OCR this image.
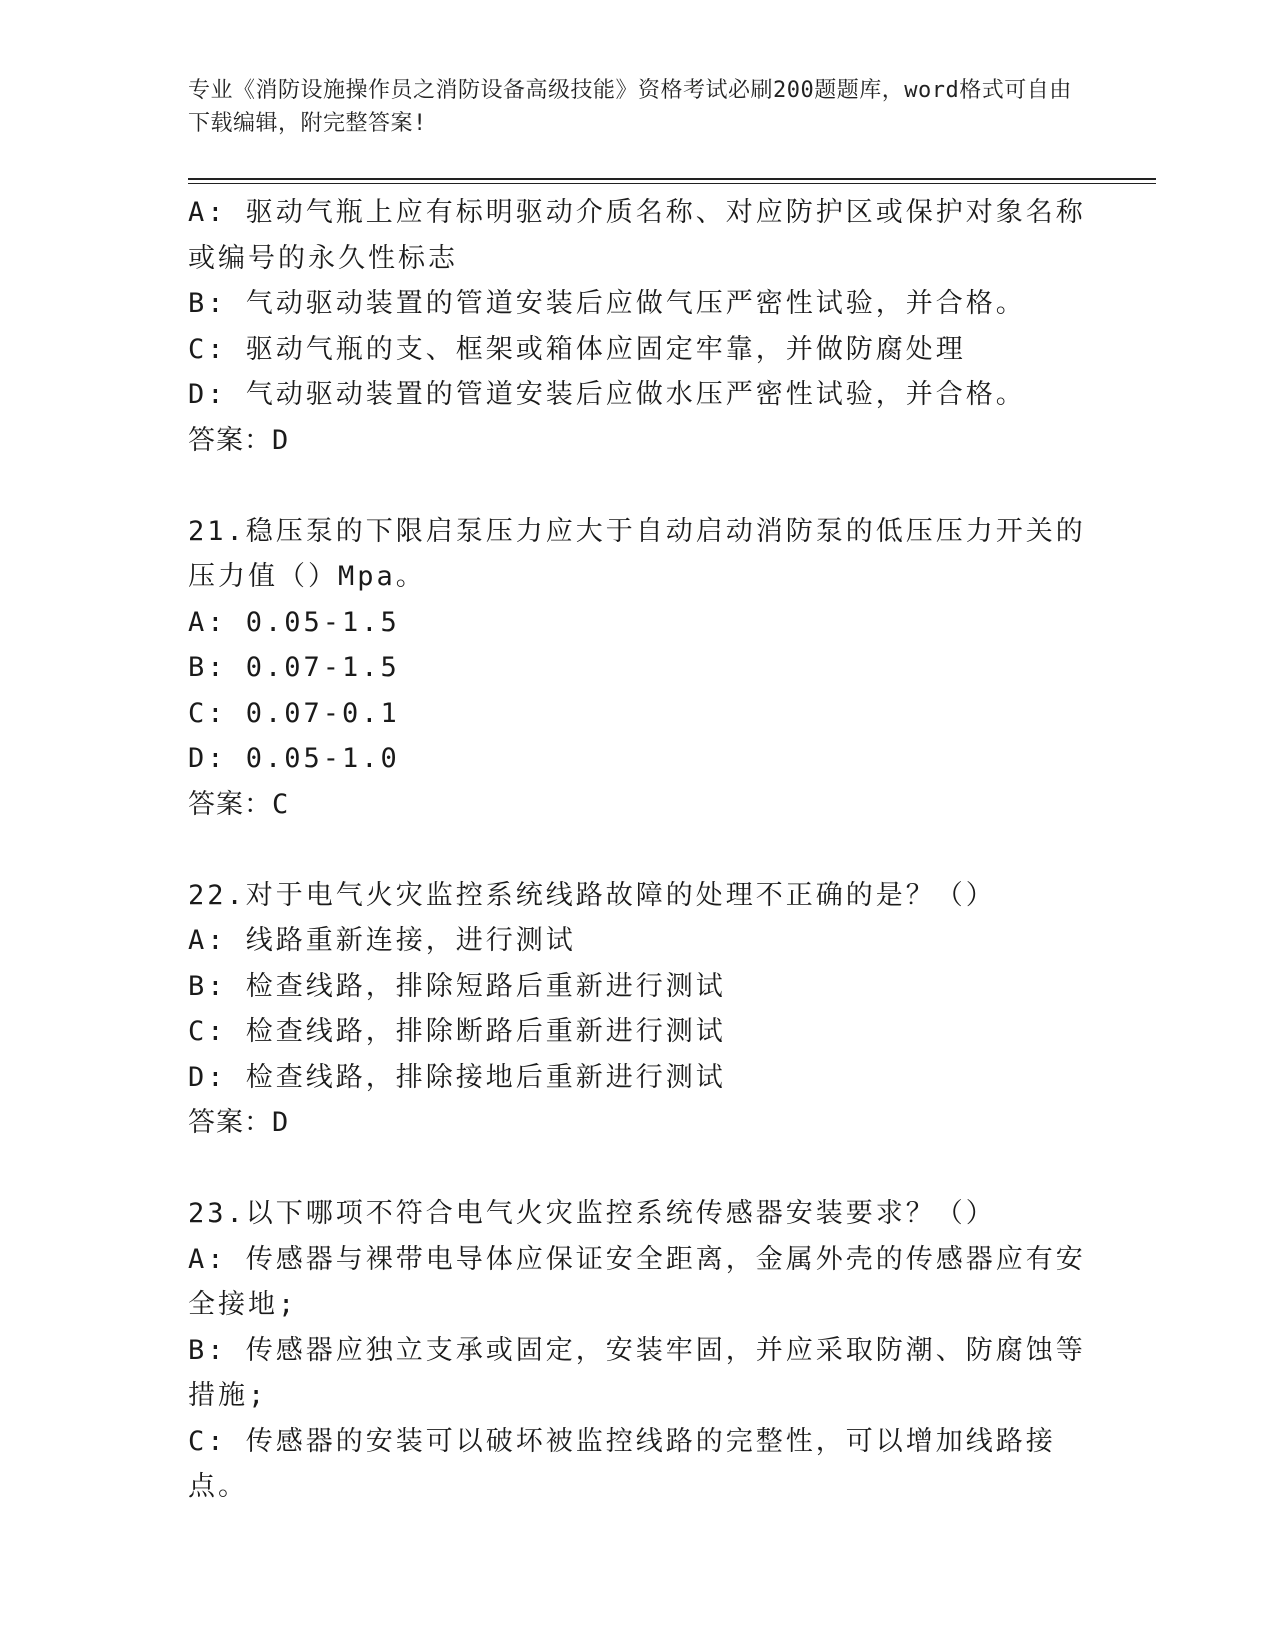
专业《消防设施操作员之消防设备高级技能》资格考试必刷200题题库，word格式可自由下载编辑，附完整答案!

A: 驱动气瓶上应有标明驱动介质名称、对应防护区或保护对象名称或编号的永久性标志

B: 气动驱动装置的管道安装后应做气压严密性试验，并合格。

C: 驱动气瓶的支、框架或箱体应固定牢靠，并做防腐处理

D: 气动驱动装置的管道安装后应做水压严密性试验，并合格。

答案：D

21.稳压泵的下限启泵压力应大于自动启动消防泵的低压压力开关的压力值（）Mpa。

A: 0.05-1.5

B: 0.07-1.5

C: 0.07-0.1

D: 0.05-1.0

答案：C

22.对于电气火灾监控系统线路故障的处理不正确的是？（）

A: 线路重新连接，进行测试

B: 检查线路，排除短路后重新进行测试

C: 检查线路，排除断路后重新进行测试

D: 检查线路，排除接地后重新进行测试

答案：D

23.以下哪项不符合电气火灾监控系统传感器安装要求？（）

A: 传感器与裸带电导体应保证安全距离，金属外壳的传感器应有安全接地;

B: 传感器应独立支承或固定，安装牢固，并应采取防潮、防腐蚀等措施;

C: 传感器的安装可以破坏被监控线路的完整性，可以增加线路接点。
